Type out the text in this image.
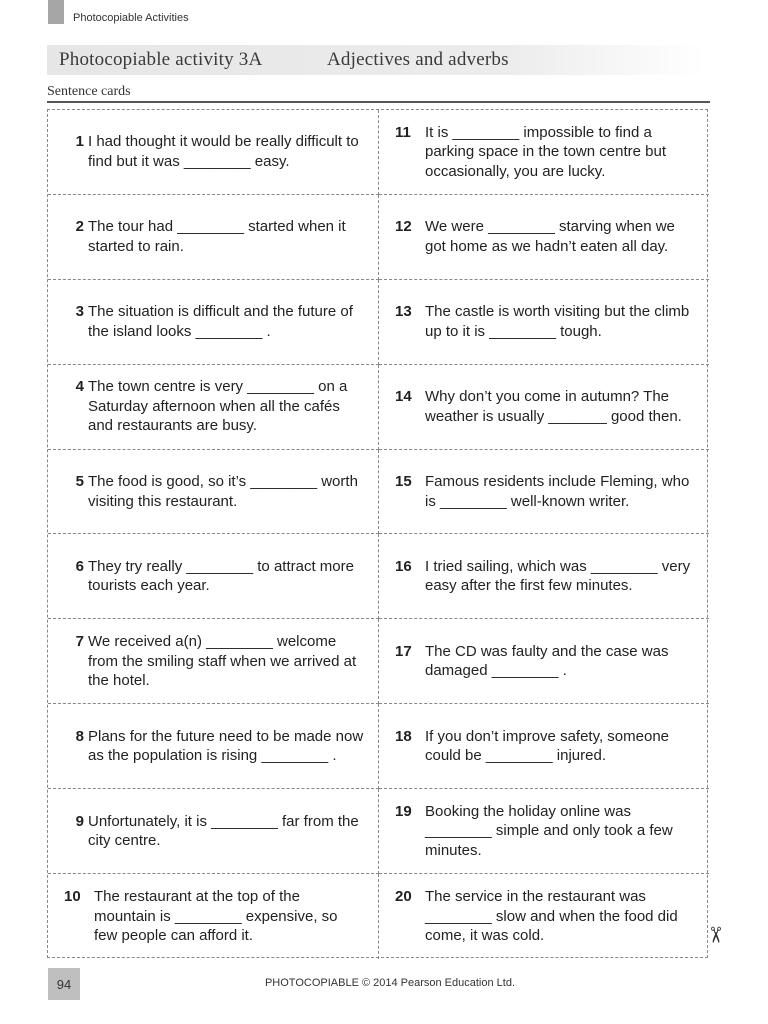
Photocopiable Activities
Photocopiable activity 3A	Adjectives and adverbs
Sentence cards
1 I had thought it would be really difficult to find but it was ________ easy.
11 It is ________ impossible to find a parking space in the town centre but occasionally, you are lucky.
2 The tour had ________ started when it started to rain.
12 We were ________ starving when we got home as we hadn’t eaten all day.
3 The situation is difficult and the future of the island looks ________ .
13 The castle is worth visiting but the climb up to it is ________ tough.
4 The town centre is very ________ on a Saturday afternoon when all the cafés and restaurants are busy.
14 Why don’t you come in autumn? The weather is usually _______ good then.
5 The food is good, so it’s ________ worth visiting this restaurant.
15 Famous residents include Fleming, who is ________ well-known writer.
6 They try really ________ to attract more tourists each year.
16 I tried sailing, which was ________ very easy after the first few minutes.
7 We received a(n) ________ welcome from the smiling staff when we arrived at the hotel.
17 The CD was faulty and the case was damaged ________ .
8 Plans for the future need to be made now as the population is rising ________ .
18 If you don’t improve safety, someone could be ________ injured.
9 Unfortunately, it is ________ far from the city centre.
19 Booking the holiday online was ________ simple and only took a few minutes.
10 The restaurant at the top of the mountain is ________ expensive, so few people can afford it.
20 The service in the restaurant was ________ slow and when the food did come, it was cold.	✂
94	PHOTOCOPIABLE © 2014 Pearson Education Ltd.
